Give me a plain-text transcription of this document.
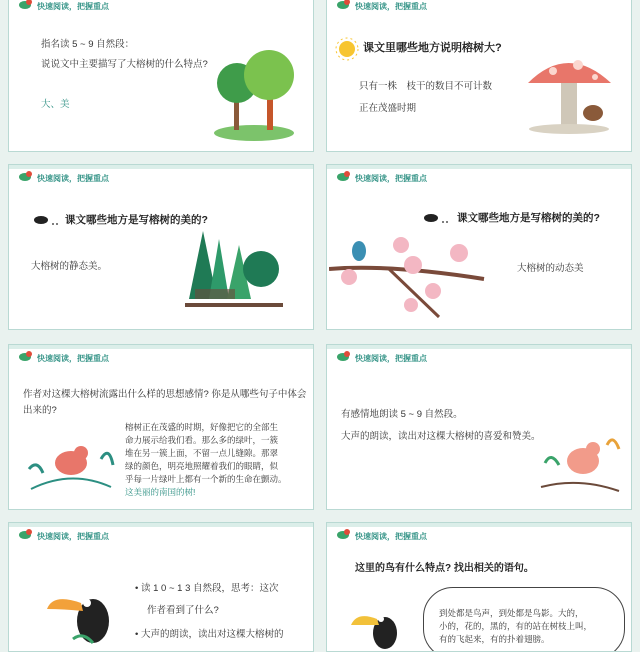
快速阅读，把握重点
指名读 5 ~ 9 自然段：
说说文中主要描写了大榕树的什么特点?
大、美
快速阅读，把握重点
课文里哪些地方说明榕树大?
只有一株　枝干的数目不可计数
正在茂盛时期
快速阅读，把握重点
课文哪些地方是写榕树的美的?
大榕树的静态美。
快速阅读，把握重点
课文哪些地方是写榕树的美的?
大榕树的动态美
快速阅读，把握重点
作者对这棵大榕树流露出什么样的思想感情? 你是从哪些句子中体会
出来的?
榕树正在茂盛的时期，好像把它的全部生
命力展示给我们看。那么多的绿叶，一簇
堆在另一簇上面，不留一点儿缝隙。那翠
绿的颜色，明亮地照耀着我们的眼睛，似
乎每一片绿叶上都有一个新的生命在颤动。
这美丽的南国的树!
快速阅读，把握重点
有感情地朗读 5 ~ 9 自然段。
大声的朗读，读出对这棵大榕树的喜爱和赞美。
快速阅读，把握重点
• 读 1 0 ~ 1 3 自然段，思考：这次
作者看到了什么?
• 大声的朗读，读出对这棵大榕树的
快速阅读，把握重点
这里的鸟有什么特点? 找出相关的语句。
到处都是鸟声，到处都是鸟影。大的，
小的，花的，黑的，有的站在树枝上叫，
有的飞起来，有的扑着翅膀。
